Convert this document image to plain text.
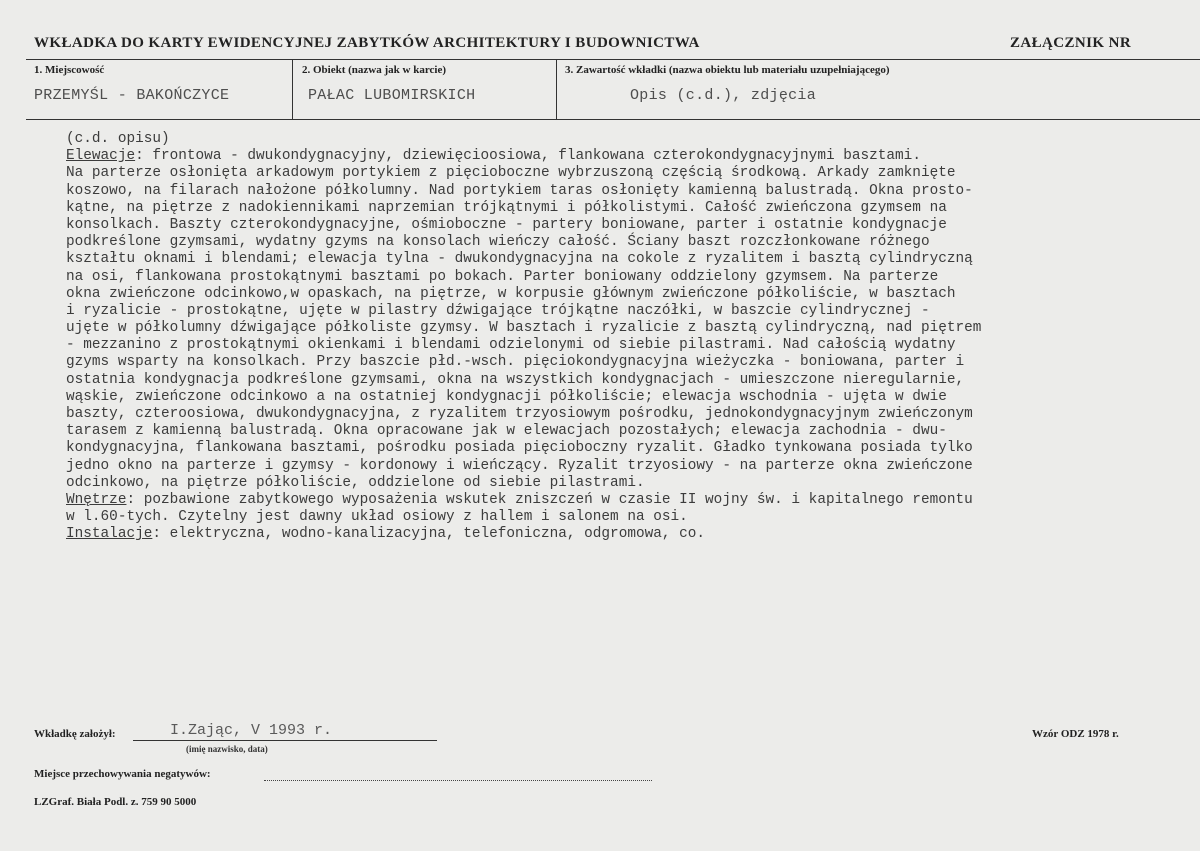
WKŁADKA DO KARTY EWIDENCYJNEJ ZABYTKÓW ARCHITEKTURY I BUDOWNICTWA	ZAŁĄCZNIK NR
1. Miejscowość
PRZEMYŚL - BAKOŃCZYCE
2. Obiekt (nazwa jak w karcie)
PAŁAC LUBOMIRSKICH
3. Zawartość wkładki (nazwa obiektu lub materiału uzupełniającego)
Opis (c.d.), zdjęcia
(c.d. opisu)
Elewacje: frontowa - dwukondygnacyjny, dziewięcioosiowa, flankowana czterokondygnacyjnymi basztami.
Na parterze osłonięta arkadowym portykiem z pięcioboczne wybrzuszoną częścią środkową. Arkady zamknięte
koszowo, na filarach nałożone półkolumny. Nad portykiem taras osłonięty kamienną balustradą. Okna prosto-
kątne, na piętrze z nadokiennikami naprzemian trójkątnymi i półkolistymi. Całość zwieńczona gzymsem na
konsolkach. Baszty czterokondygnacyjne, ośmioboczne - partery boniowane, parter i ostatnie kondygnacje
podkreślone gzymsami, wydatny gzyms na konsolach wieńczy całość. Ściany baszt rozczłonkowane różnego
kształtu oknami i blendami; elewacja tylna - dwukondygnacyjna na cokole z ryzalitem i basztą cylindryczną
na osi, flankowana prostokątnymi basztami po bokach. Parter boniowany oddzielony gzymsem. Na parterze
okna zwieńczone odcinkowo,w opaskach, na piętrze, w korpusie głównym zwieńczone półkoliście, w basztach
i ryzalicie - prostokątne, ujęte w pilastry dźwigające trójkątne naczółki, w baszcie cylindrycznej -
ujęte w półkolumny dźwigające półkoliste gzymsy. W basztach i ryzalicie z basztą cylindryczną, nad piętrem
- mezzanino z prostokątnymi okienkami i blendami odzielonymi od siebie pilastrami. Nad całością wydatny
gzyms wsparty na konsolkach. Przy baszcie płd.-wsch. pięciokondygnacyjna wieżyczka - boniowana, parter i
ostatnia kondygnacja podkreślone gzymsami, okna na wszystkich kondygnacjach - umieszczone nieregularnie,
wąskie, zwieńczone odcinkowo a na ostatniej kondygnacji półkoliście; elewacja wschodnia - ujęta w dwie
baszty, czteroosiowa, dwukondygnacyjna, z ryzalitem trzyosiowym pośrodku, jednokondygnacyjnym zwieńczonym
tarasem z kamienną balustradą. Okna opracowane jak w elewacjach pozostałych; elewacja zachodnia - dwu-
kondygnacyjna, flankowana basztami, pośrodku posiada pięcioboczny ryzalit. Gładko tynkowana posiada tylko
jedno okno na parterze i gzymsy - kordonowy i wieńczący. Ryzalit trzyosiowy - na parterze okna zwieńczone
odcinkowo, na piętrze półkoliście, oddzielone od siebie pilastrami.
Wnętrze: pozbawione zabytkowego wyposażenia wskutek zniszczeń w czasie II wojny św. i kapitalnego remontu
w l.60-tych. Czytelny jest dawny układ osiowy z hallem i salonem na osi.
Instalacje: elektryczna, wodno-kanalizacyjna, telefoniczna, odgromowa, co.
Wkładkę założył:	I.Zając, V 1993 r.
(imię nazwisko, data)
Wzór ODZ 1978 r.
Miejsce przechowywania negatywów:
LZGraf. Biała Podl. z. 759 90 5000
